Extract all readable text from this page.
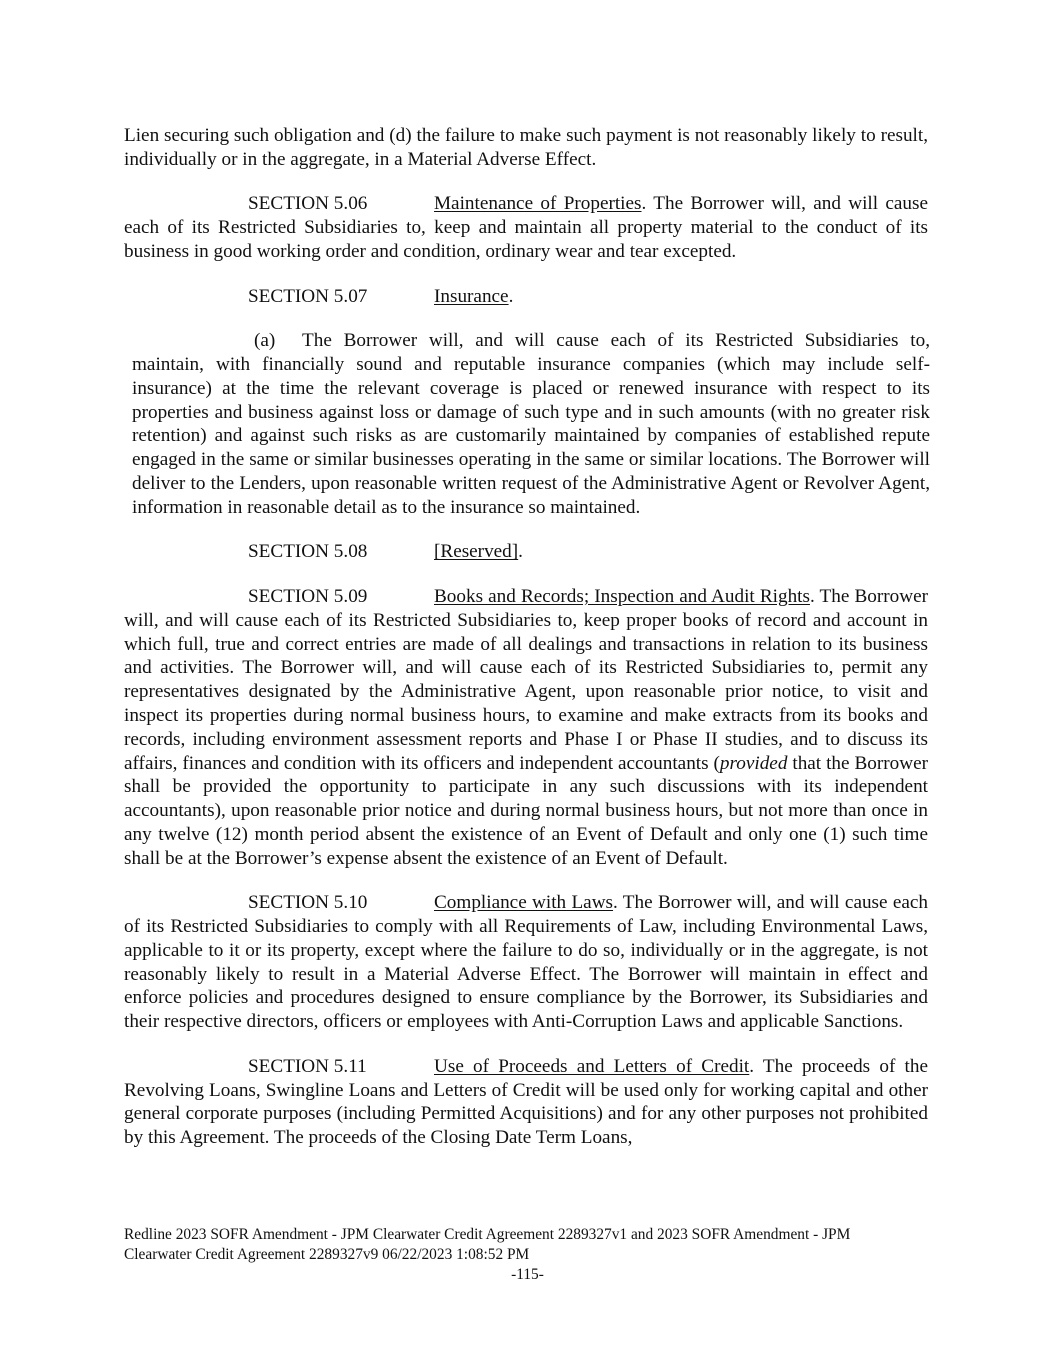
Lien securing such obligation and (d) the failure to make such payment is not reasonably likely to result, individually or in the aggregate, in a Material Adverse Effect.

SECTION 5.06	Maintenance of Properties. The Borrower will, and will cause each of its Restricted Subsidiaries to, keep and maintain all property material to the conduct of its business in good working order and condition, ordinary wear and tear excepted.

SECTION 5.07	Insurance.

(a) The Borrower will, and will cause each of its Restricted Subsidiaries to, maintain, with financially sound and reputable insurance companies (which may include self-insurance) at the time the relevant coverage is placed or renewed insurance with respect to its properties and business against loss or damage of such type and in such amounts (with no greater risk retention) and against such risks as are customarily maintained by companies of established repute engaged in the same or similar businesses operating in the same or similar locations. The Borrower will deliver to the Lenders, upon reasonable written request of the Administrative Agent or Revolver Agent, information in reasonable detail as to the insurance so maintained.

SECTION 5.08	[Reserved].

SECTION 5.09	Books and Records; Inspection and Audit Rights. The Borrower will, and will cause each of its Restricted Subsidiaries to, keep proper books of record and account in which full, true and correct entries are made of all dealings and transactions in relation to its business and activities. The Borrower will, and will cause each of its Restricted Subsidiaries to, permit any representatives designated by the Administrative Agent, upon reasonable prior notice, to visit and inspect its properties during normal business hours, to examine and make extracts from its books and records, including environment assessment reports and Phase I or Phase II studies, and to discuss its affairs, finances and condition with its officers and independent accountants (provided that the Borrower shall be provided the opportunity to participate in any such discussions with its independent accountants), upon reasonable prior notice and during normal business hours, but not more than once in any twelve (12) month period absent the existence of an Event of Default and only one (1) such time shall be at the Borrower’s expense absent the existence of an Event of Default.

SECTION 5.10	Compliance with Laws. The Borrower will, and will cause each of its Restricted Subsidiaries to comply with all Requirements of Law, including Environmental Laws, applicable to it or its property, except where the failure to do so, individually or in the aggregate, is not reasonably likely to result in a Material Adverse Effect. The Borrower will maintain in effect and enforce policies and procedures designed to ensure compliance by the Borrower, its Subsidiaries and their respective directors, officers or employees with Anti-Corruption Laws and applicable Sanctions.

SECTION 5.11	Use of Proceeds and Letters of Credit. The proceeds of the Revolving Loans, Swingline Loans and Letters of Credit will be used only for working capital and other general corporate purposes (including Permitted Acquisitions) and for any other purposes not prohibited by this Agreement. The proceeds of the Closing Date Term Loans,

Redline 2023 SOFR Amendment - JPM Clearwater Credit Agreement 2289327v1 and 2023 SOFR Amendment - JPM Clearwater Credit Agreement 2289327v9 06/22/2023 1:08:52 PM
-115-
